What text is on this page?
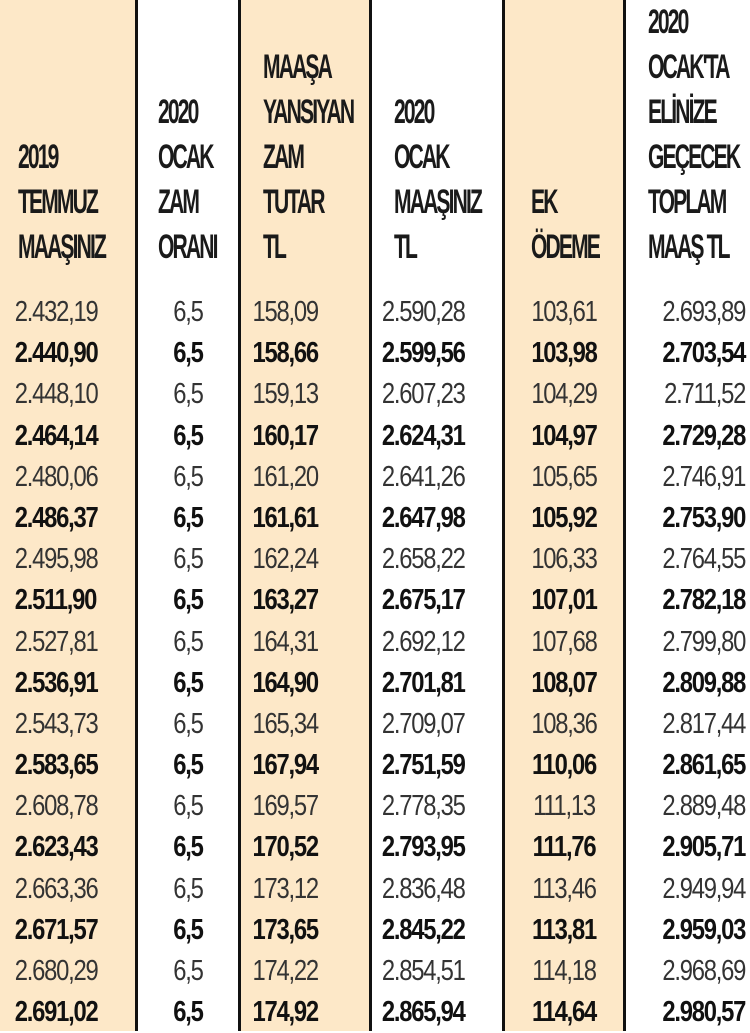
2019
TEMMUZ
MAAŞINIZ
2.432,19
2.440,90
2.448,10
2.464,14
2.480,06
2.486,37
2.495,98
2.511,90
2.527,81
2.536,91
2.543,73
2.583,65
2.608,78
2.623,43
2.663,36
2.671,57
2.680,29
2.691,02
2020
OCAK
ZAM
ORANI
6,5
6,5
6,5
6,5
6,5
6,5
6,5
6,5
6,5
6,5
6,5
6,5
6,5
6,5
6,5
6,5
6,5
6,5
MAAŞA
YANSIYAN
ZAM
TUTAR
TL
158,09
158,66
159,13
160,17
161,20
161,61
162,24
163,27
164,31
164,90
165,34
167,94
169,57
170,52
173,12
173,65
174,22
174,92
2020
OCAK
MAAŞINIZ
TL
2.590,28
2.599,56
2.607,23
2.624,31
2.641,26
2.647,98
2.658,22
2.675,17
2.692,12
2.701,81
2.709,07
2.751,59
2.778,35
2.793,95
2.836,48
2.845,22
2.854,51
2.865,94
EK
ÖDEME
103,61
103,98
104,29
104,97
105,65
105,92
106,33
107,01
107,68
108,07
108,36
110,06
111,13
111,76
113,46
113,81
114,18
114,64
2020
OCAK'TA
ELİNİZE
GEÇECEK
TOPLAM
MAAŞ TL
2.693,89
2.703,54
2.711,52
2.729,28
2.746,91
2.753,90
2.764,55
2.782,18
2.799,80
2.809,88
2.817,44
2.861,65
2.889,48
2.905,71
2.949,94
2.959,03
2.968,69
2.980,57
